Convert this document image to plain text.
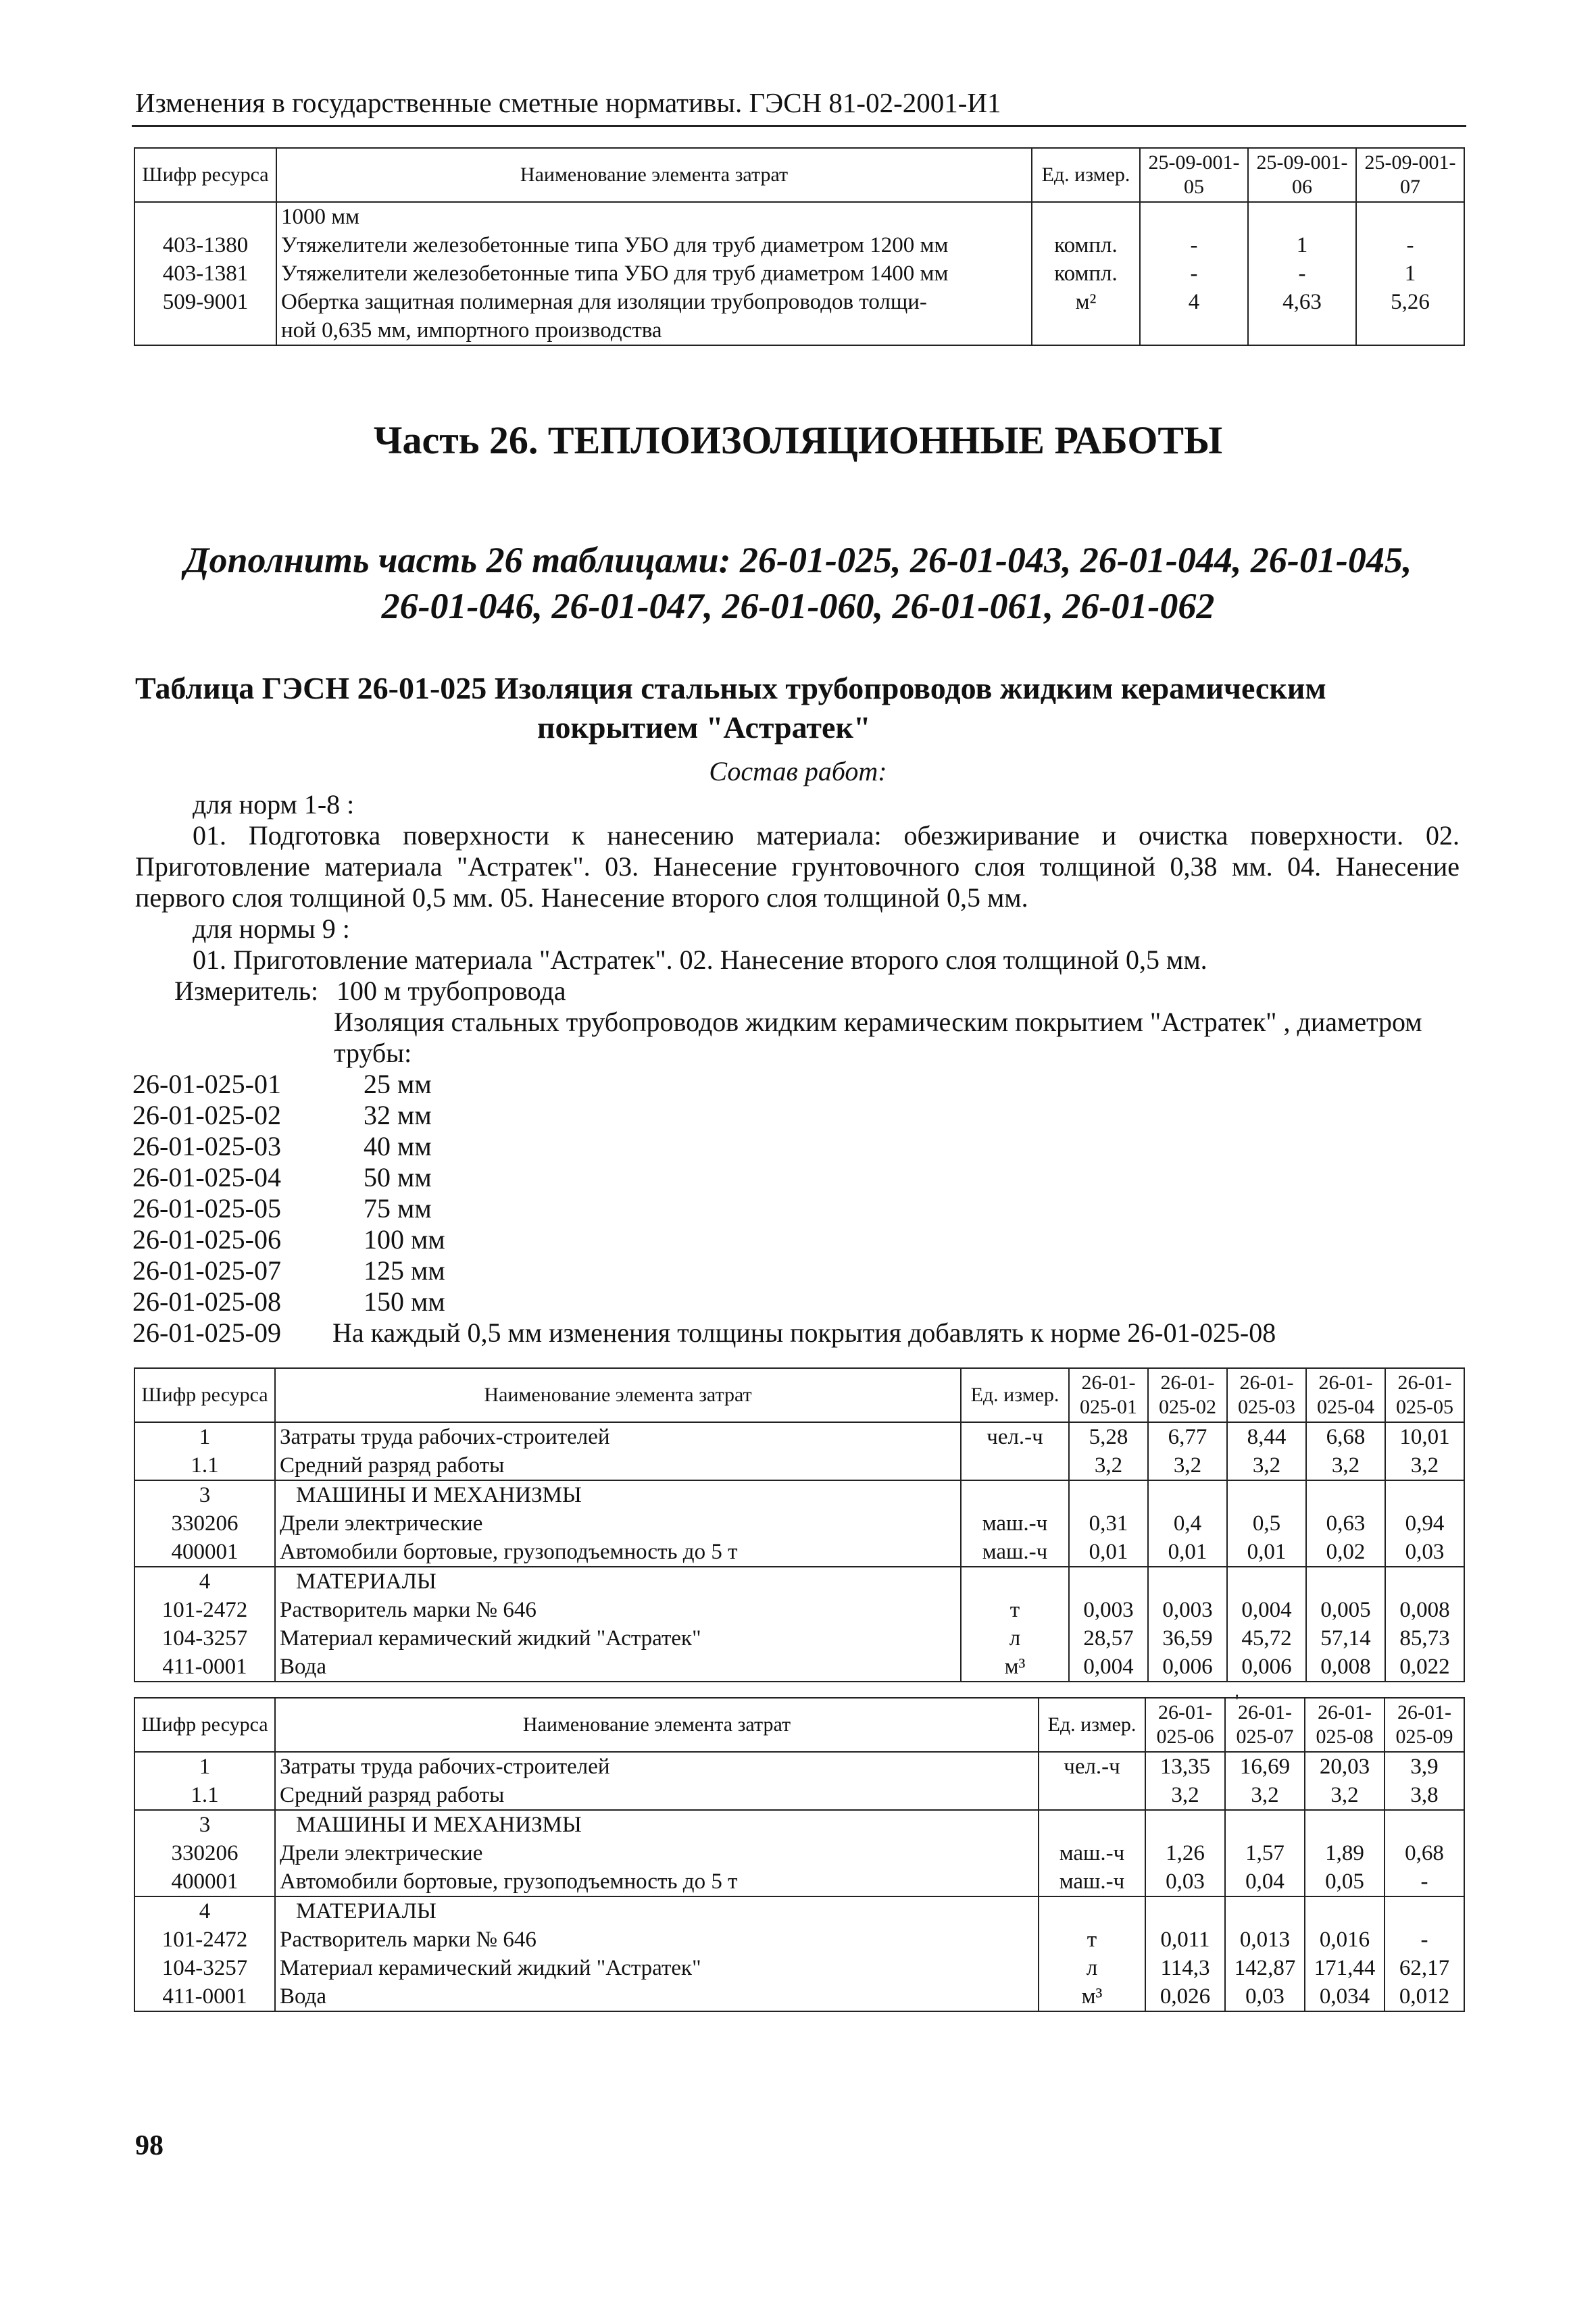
Изменения в государственные сметные нормативы. ГЭСН 81-02-2001-И1
Шифр ресурса	Наименование элемента затрат	Ед. измер.	25-09-001-05	25-09-001-06	25-09-001-07
	1000 мм				
403-1380	Утяжелители железобетонные типа УБО для труб диаметром 1200 мм	компл.	-	1	-
403-1381	Утяжелители железобетонные типа УБО для труб диаметром 1400 мм	компл.	-	-	1
509-9001	Обертка защитная полимерная для изоляции трубопроводов толщи-	м²	4	4,63	5,26
	ной 0,635 мм, импортного производства				
Часть 26. ТЕПЛОИЗОЛЯЦИОННЫЕ РАБОТЫ
Дополнить часть 26 таблицами: 26-01-025, 26-01-043, 26-01-044, 26-01-045,
26-01-046, 26-01-047, 26-01-060, 26-01-061, 26-01-062
Таблица ГЭСН 26-01-025 Изоляция стальных трубопроводов жидким керамическим
покрытием "Астратек"
Состав работ:
для норм 1-8 :
01. Подготовка поверхности к нанесению материала: обезжиривание и очистка поверхности. 02. Приготовление материала "Астратек". 03. Нанесение грунтовочного слоя толщиной 0,38 мм. 04. Нанесение первого слоя толщиной 0,5 мм. 05. Нанесение второго слоя толщиной 0,5 мм.
для нормы 9 :
01. Приготовление материала "Астратек". 02. Нанесение второго слоя толщиной 0,5 мм.
Измеритель: 100 м трубопровода
Изоляция стальных трубопроводов жидким керамическим покрытием "Астратек" , диаметром трубы:
26-01-025-01	25 мм
26-01-025-02	32 мм
26-01-025-03	40 мм
26-01-025-04	50 мм
26-01-025-05	75 мм
26-01-025-06	100 мм
26-01-025-07	125 мм
26-01-025-08	150 мм
26-01-025-09 На каждый 0,5 мм изменения толщины покрытия добавлять к норме 26-01-025-08
Шифр ресурса	Наименование элемента затрат	Ед. измер.	26-01-025-01	26-01-025-02	26-01-025-03	26-01-025-04	26-01-025-05
1	Затраты труда рабочих-строителей	чел.-ч	5,28	6,77	8,44	6,68	10,01
1.1	Средний разряд работы		3,2	3,2	3,2	3,2	3,2
3	МАШИНЫ И МЕХАНИЗМЫ						
330206	Дрели электрические	маш.-ч	0,31	0,4	0,5	0,63	0,94
400001	Автомобили бортовые, грузоподъемность до 5 т	маш.-ч	0,01	0,01	0,01	0,02	0,03
4	МАТЕРИАЛЫ						
101-2472	Растворитель марки № 646	т	0,003	0,003	0,004	0,005	0,008
104-3257	Материал керамический жидкий "Астратек"	л	28,57	36,59	45,72	57,14	85,73
411-0001	Вода	м³	0,004	0,006	0,006	0,008	0,022
'
Шифр ресурса	Наименование элемента затрат	Ед. измер.	26-01-025-06	26-01-025-07	26-01-025-08	26-01-025-09
1	Затраты труда рабочих-строителей	чел.-ч	13,35	16,69	20,03	3,9
1.1	Средний разряд работы		3,2	3,2	3,2	3,8
3	МАШИНЫ И МЕХАНИЗМЫ					
330206	Дрели электрические	маш.-ч	1,26	1,57	1,89	0,68
400001	Автомобили бортовые, грузоподъемность до 5 т	маш.-ч	0,03	0,04	0,05	-
4	МАТЕРИАЛЫ					
101-2472	Растворитель марки № 646	т	0,011	0,013	0,016	-
104-3257	Материал керамический жидкий "Астратек"	л	114,3	142,87	171,44	62,17
411-0001	Вода	м³	0,026	0,03	0,034	0,012
98
